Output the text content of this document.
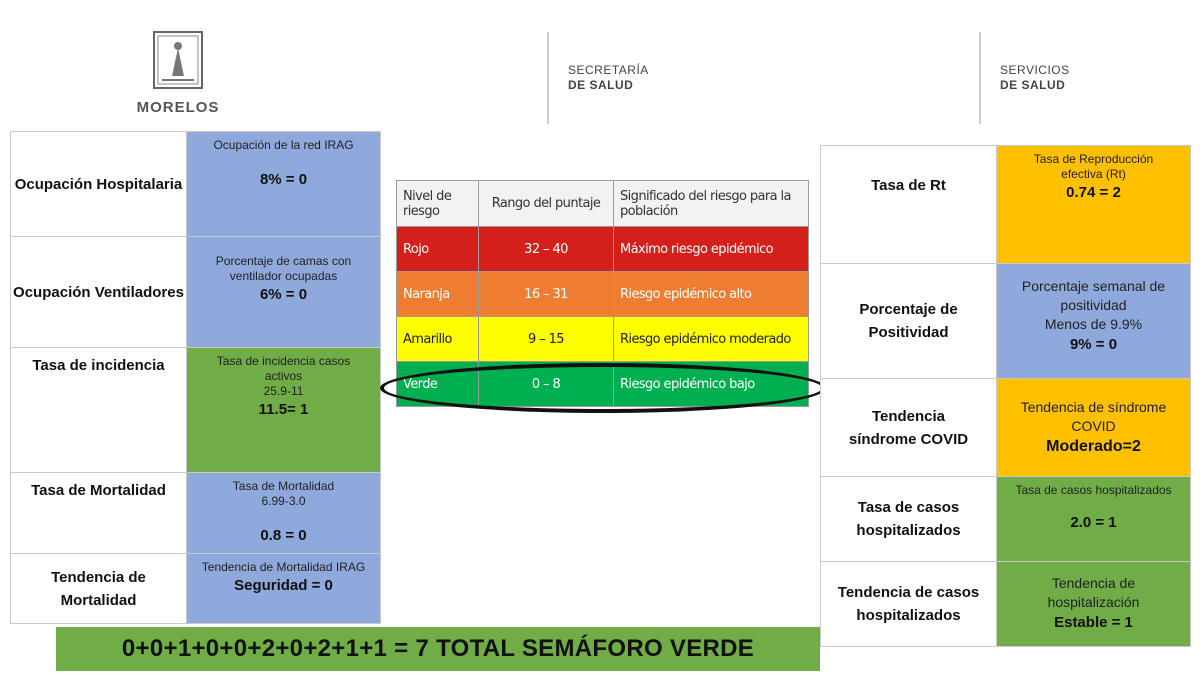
MORELOS
SECRETARÍA
DE SALUD
SERVICIOS
DE SALUD
Ocupación Hospitalaria	Ocupación de la red IRAG
8% = 0

Ocupación Ventiladores	Porcentaje de camas con ventilador ocupadas
6% = 0

Tasa de incidencia	Tasa de incidencia casos activos
25.9-11
11.5= 1

Tasa de Mortalidad	Tasa de Mortalidad
6.99-3.0
0.8 = 0

Tendencia de Mortalidad	Tendencia de Mortalidad IRAG
Seguridad = 0
Nivel de riesgo	Rango del puntaje	Significado del riesgo para la población
Rojo	32 – 40	Máximo riesgo epidémico
Naranja	16 – 31	Riesgo epidémico alto
Amarillo	9 – 15	Riesgo epidémico moderado
Verde	0 – 8	Riesgo epidémico bajo
Tasa de Rt	Tasa de Reproducción efectiva (Rt)
0.74 = 2

Porcentaje de Positividad	Porcentaje semanal de positividad
Menos de 9.9%
9% = 0

Tendencia síndrome COVID	Tendencia de síndrome COVID
Moderado=2

Tasa de casos hospitalizados	Tasa de casos hospitalizados
2.0 = 1

Tendencia de casos hospitalizados	Tendencia de hospitalización
Estable = 1
0+0+1+0+0+2+0+2+1+1 = 7 TOTAL SEMÁFORO VERDE
